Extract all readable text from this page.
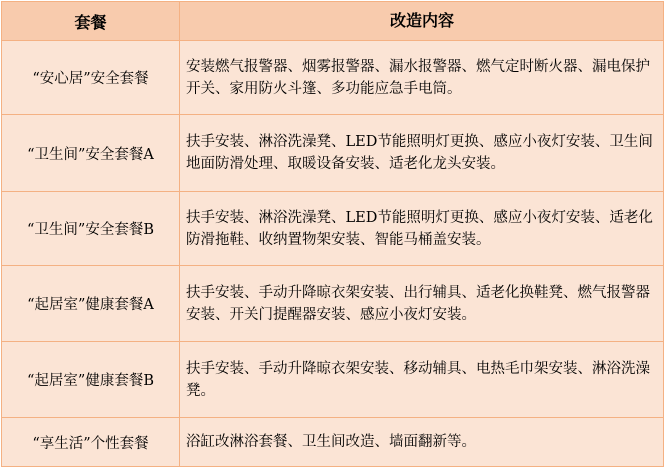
套餐	改造内容
“安心居”安全套餐	安装燃气报警器、烟雾报警器、漏水报警器、燃气定时断火器、漏电保护开关、家用防火斗篷、多功能应急手电筒。
“卫生间”安全套餐A	扶手安装、淋浴洗澡凳、LED节能照明灯更换、感应小夜灯安装、卫生间地面防滑处理、取暖设备安装、适老化龙头安装。
“卫生间”安全套餐B	扶手安装、淋浴洗澡凳、LED节能照明灯更换、感应小夜灯安装、适老化防滑拖鞋、收纳置物架安装、智能马桶盖安装。
“起居室”健康套餐A	扶手安装、手动升降晾衣架安装、出行辅具、适老化换鞋凳、燃气报警器安装、开关门提醒器安装、感应小夜灯安装。
“起居室”健康套餐B	扶手安装、手动升降晾衣架安装、移动辅具、电热毛巾架安装、淋浴洗澡凳。
“享生活”个性套餐	浴缸改淋浴套餐、卫生间改造、墙面翻新等。
